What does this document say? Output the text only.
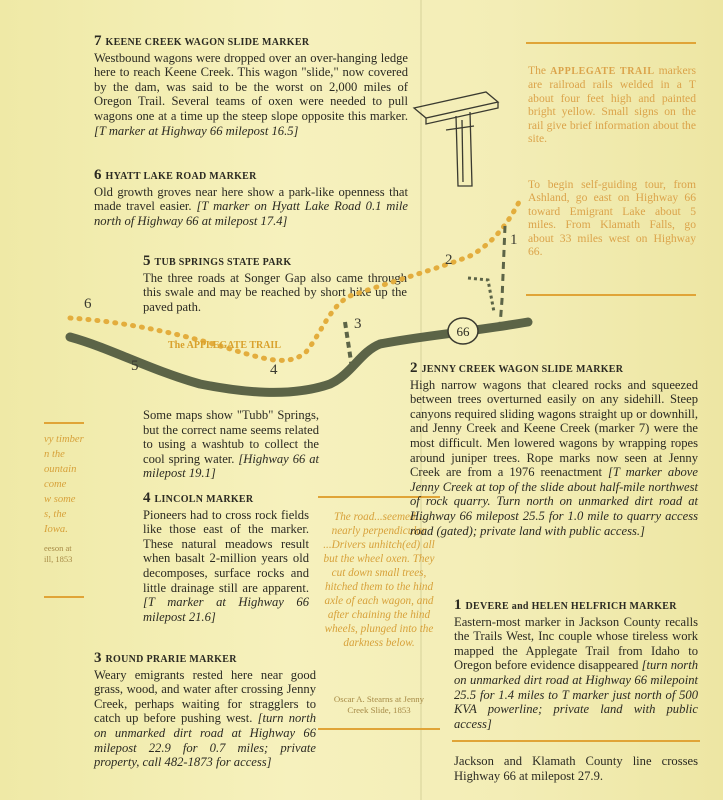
vy timber
n the
ountain
come
w some
s, the
Iowa.
eeson at
ill, 1853
7 KEENE CREEK WAGON SLIDE MARKER
Westbound wagons were dropped over an over-hanging ledge here to reach Keene Creek. This wagon "slide," now covered by the dam, was said to be the worst on 2,000 miles of Oregon Trail. Several teams of oxen were needed to pull wagons one at a time up the steep slope opposite this marker. [T marker at Highway 66 milepost 16.5]
6 HYATT LAKE ROAD MARKER
Old growth groves near here show a park-like openness that made travel easier. [T marker on Hyatt Lake Road 0.1 mile north of Highway 66 at milepost 17.4]
5 TUB SPRINGS STATE PARK
The three roads at Songer Gap also came through this swale and may be reached by short hike up the paved path.
Some maps show "Tubb" Springs, but the correct name seems related to using a washtub to collect the cool spring water. [Highway 66 at milepost 19.1]
4 LINCOLN MARKER
Pioneers had to cross rock fields like those east of the marker. These natural meadows result when basalt 2-million years old decomposes, surface rocks and little drainage still are apparent. [T marker at Highway 66 milepost 21.6]
3 ROUND PRARIE MARKER
Weary emigrants rested here near good grass, wood, and water after crossing Jenny Creek, perhaps waiting for stragglers to catch up before pushing west. [turn north on unmarked dirt road at Highway 66 milepost 22.9 for 0.7 miles; private property, call 482-1873 for access]
The road...seemed... nearly perpendicular ...Drivers unhitch(ed) all but the wheel oxen. They cut down small trees, hitched them to the hind axle of each wagon, and after chaining the hind wheels, plunged into the darkness below.
Oscar A. Stearns at Jenny Creek Slide, 1853
The APPLEGATE TRAIL markers are railroad rails welded in a T about four feet high and painted bright yellow. Small signs on the rail give brief information about the site.
To begin self-guiding tour, from Ashland, go east on Highway 66 toward Emigrant Lake about 5 miles. From Klamath Falls, go about 33 miles west on Highway 66.
2 JENNY CREEK WAGON SLIDE MARKER
High narrow wagons that cleared rocks and squeezed between trees overturned easily on any sidehill. Steep canyons required sliding wagons straight up or downhill, and Jenny Creek and Keene Creek (marker 7) were the most difficult. Men lowered wagons by wrapping ropes around juniper trees. Rope marks now seen at Jenny Creek are from a 1976 reenactment [T marker above Jenny Creek at top of the slide about half-mile northwest of rock quarry. Turn north on unmarked dirt road at Highway 66 milepost 25.5 for 1.0 mile to quarry access road (gated); private land with public access.]
1 DEVERE and HELEN HELFRICH MARKER
Eastern-most marker in Jackson County recalls the Trails West, Inc couple whose tireless work mapped the Applegate Trail from Idaho to Oregon before evidence disappeared [turn north on unmarked dirt road at Highway 66 milepoint 25.5 for 1.4 miles to T marker just north of 500 KVA powerline; private land with public access]
Jackson and Klamath County line crosses Highway 66 at milepost 27.9.
66
The APPLEGATE TRAIL
6
5	4
3
2
1
